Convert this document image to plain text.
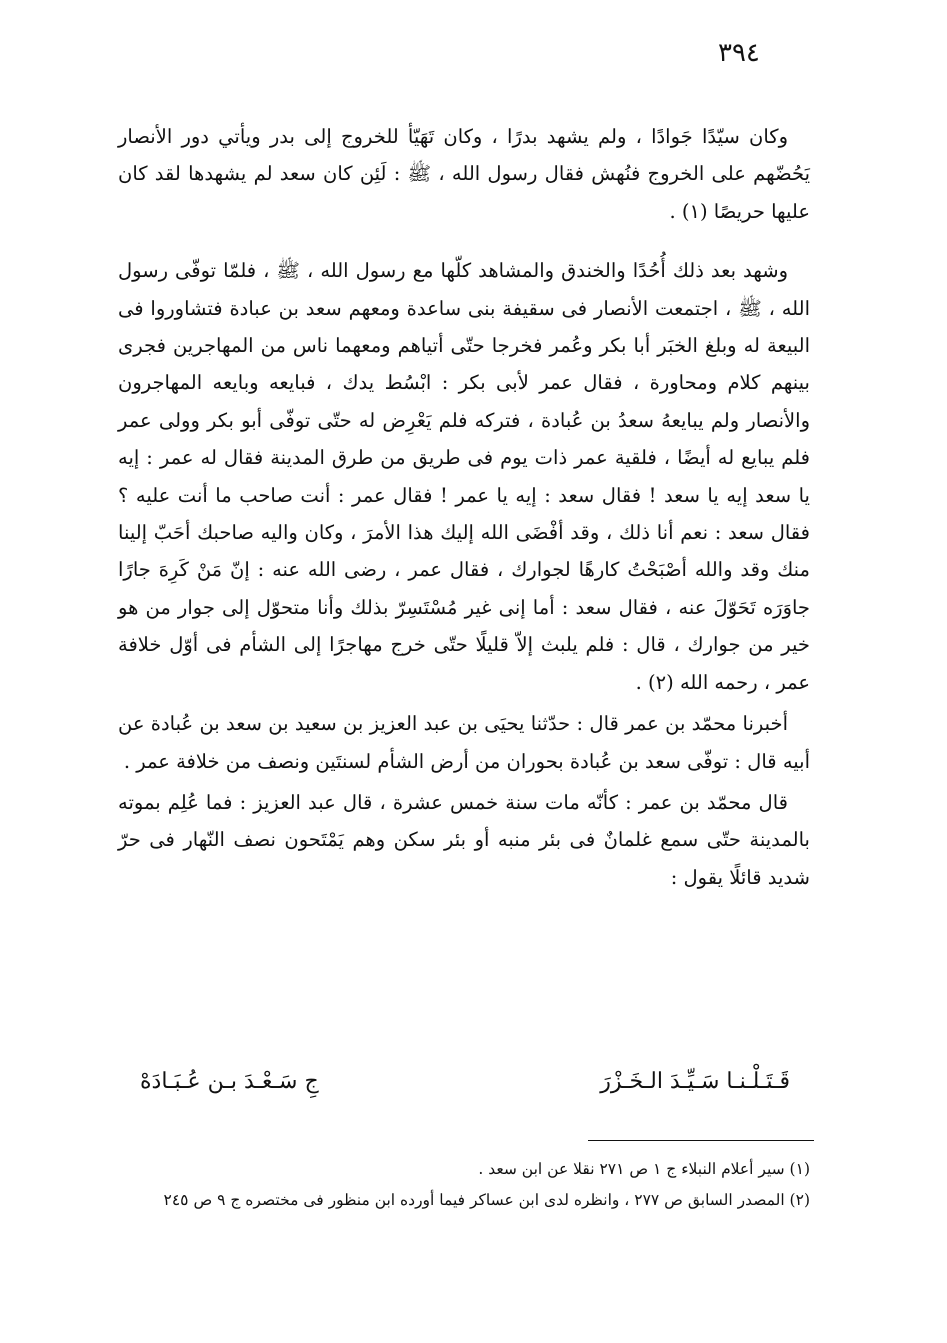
٣٩٤

وكان سيّدًا جَوادًا ، ولم يشهد بدرًا ، وكان تَهَيّأ للخروج إلى بدر ويأتي دور الأنصار يَحُضّهم على الخروج فنُهش فقال رسول الله ، ﷺ : لَئِن كان سعد لم يشهدها لقد كان عليها حريصًا (١) .

وشهد بعد ذلك أُحُدًا والخندق والمشاهد كلّها مع رسول الله ، ﷺ ، فلمّا توفّى رسول الله ، ﷺ ، اجتمعت الأنصار فى سقيفة بنى ساعدة ومعهم سعد بن عبادة فتشاوروا فى البيعة له وبلغ الخبَر أبا بكر وعُمر فخرجا حتّى أتياهم ومعهما ناس من المهاجرين فجرى بينهم كلام ومحاورة ، فقال عمر لأبى بكر : ابْسُط يدك ، فبايعه وبايعه المهاجرون والأنصار ولم يبايعهُ سعدُ بن عُبادة ، فتركه فلم يَعْرِض له حتّى توفّى أبو بكر وولى عمر فلم يبايع له أيضًا ، فلقية عمر ذات يوم فى طريق من طرق المدينة فقال له عمر : إيه يا سعد إيه يا سعد ! فقال سعد : إيه يا عمر ! فقال عمر : أنت صاحب ما أنت عليه ؟ فقال سعد : نعم أنا ذلك ، وقد أفْضَى الله إليك هذا الأمرَ ، وكان واليه صاحبك أحَبّ إلينا منك وقد والله أصْبَحْتُ كارهًا لجوارك ، فقال عمر ، رضى الله عنه : إنّ مَنْ كَرِهَ جارًا جاوَرَه تَحَوّلَ عنه ، فقال سعد : أما إنى غير مُسْتَسِرّ بذلك وأنا متحوّل إلى جوار من هو خير من جوارك ، قال : فلم يلبث إلاّ قليلًا حتّى خرج مهاجرًا إلى الشأم فى أوّل خلافة عمر ، رحمه الله (٢) .

أخبرنا محمّد بن عمر قال : حدّثنا يحيَى بن عبد العزيز بن سعيد بن سعد بن عُبادة عن أبيه قال : توفّى سعد بن عُبادة بحوران من أرض الشأم لسنتَين ونصف من خلافة عمر .

قال محمّد بن عمر : كأنّه مات سنة خمس عشرة ، قال عبد العزيز : فما عُلِم بموته بالمدينة حتّى سمع غلمانٌ فى بئر منبه أو بئر سكن وهم يَمْتَحون نصف النّهار فى حرّ شديد قائلًا يقول :

قَـتَـلْـنـا سَـيِّـدَ الـخَـزْرَ
جِ سَـعْـدَ بـن عُـبَـادَهْ

(١) سير أعلام النبلاء ج ١ ص ٢٧١ نقلا عن ابن سعد .

(٢) المصدر السابق ص ٢٧٧ ، وانظره لدى ابن عساكر فيما أورده ابن منظور فى مختصره ج ٩ ص ٢٤٥
